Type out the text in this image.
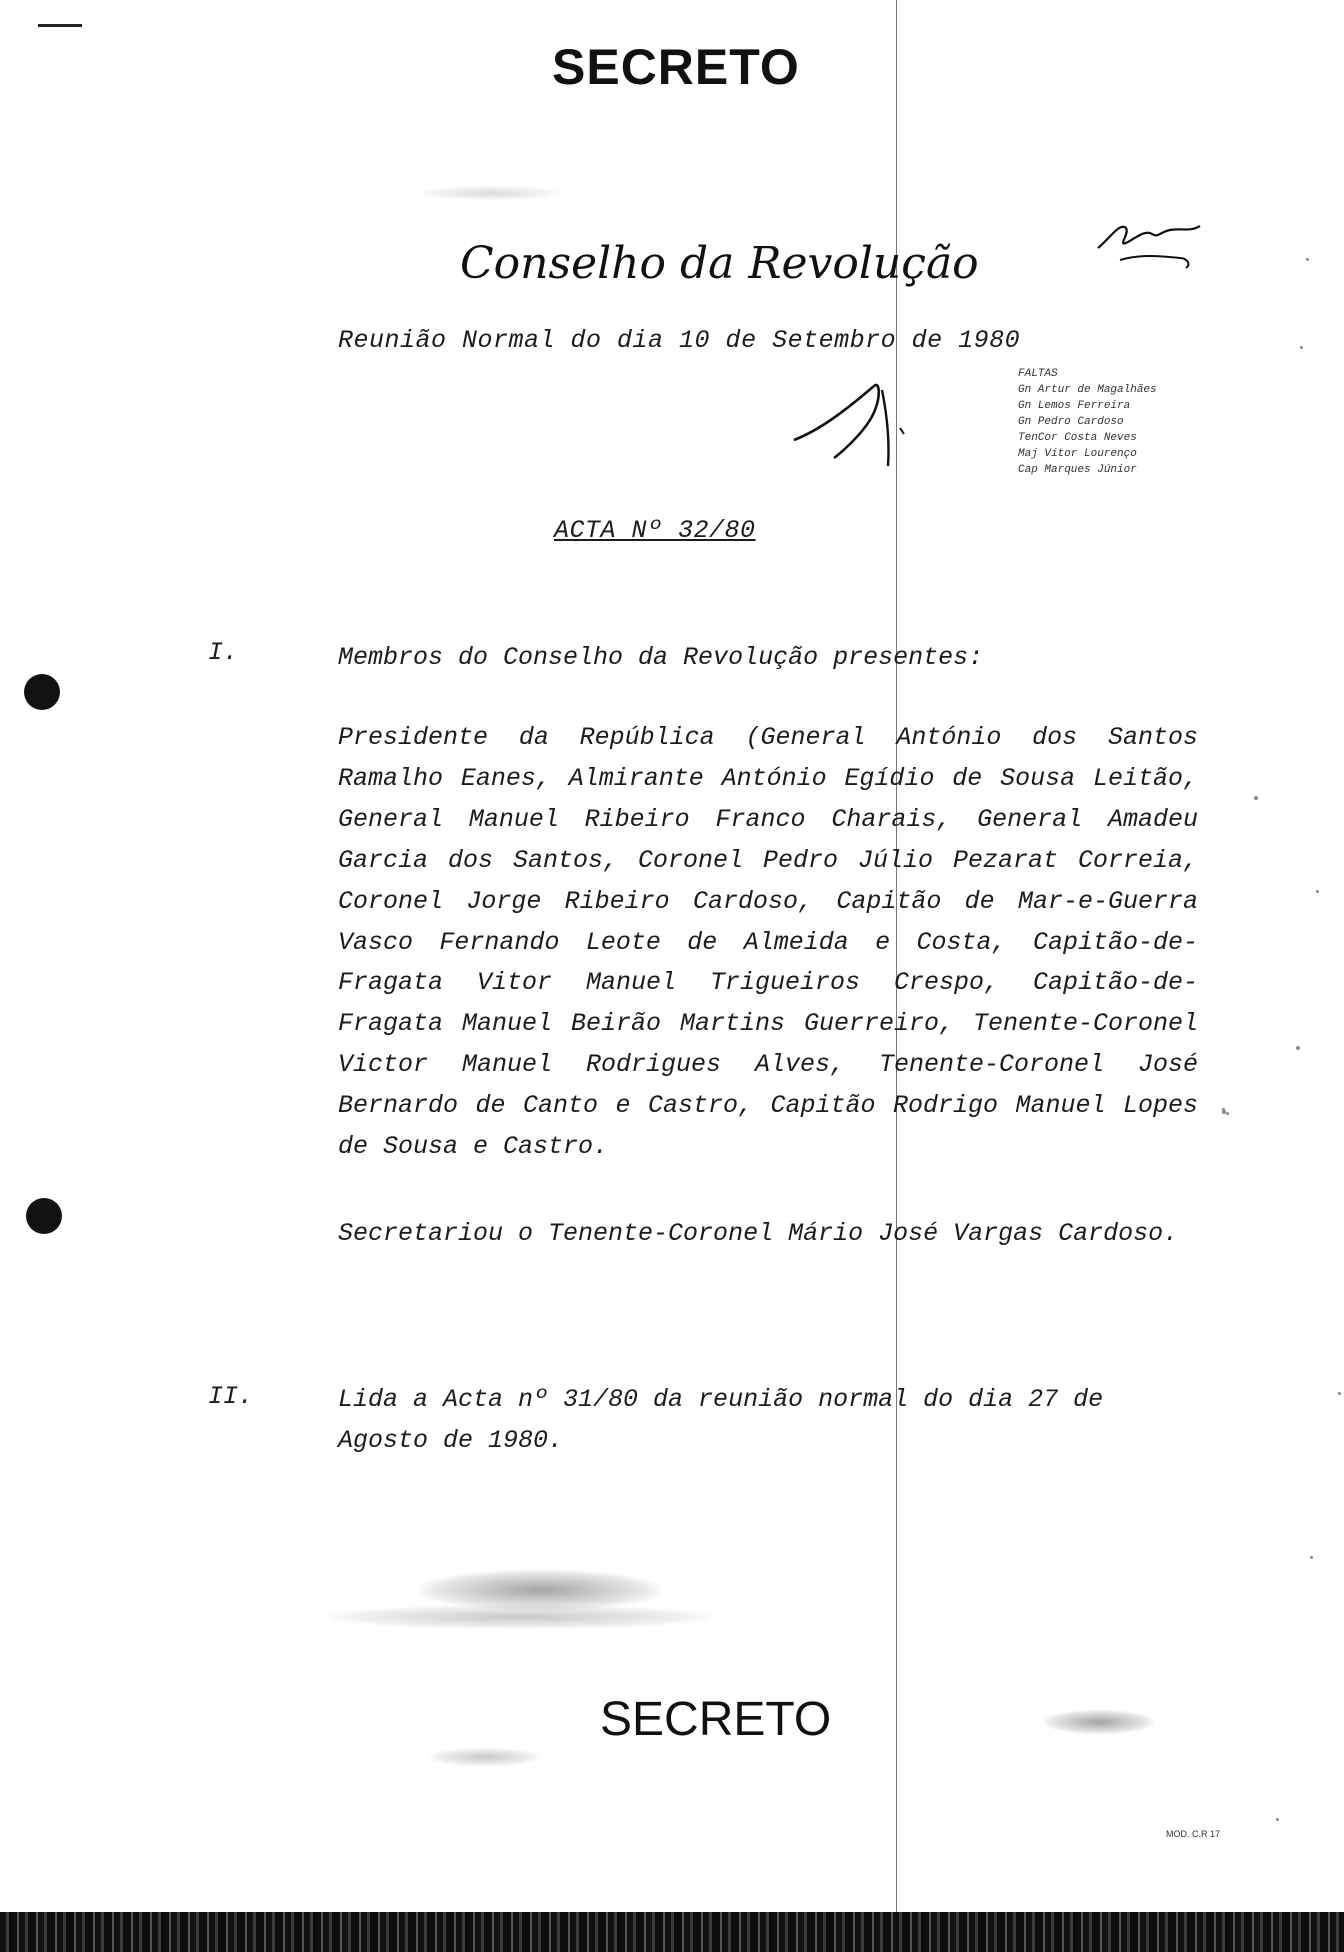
SECRETO
Conselho da Revolução
Reunião Normal do dia 10 de Setembro de 1980
FALTAS
Gn Artur de Magalhães
Gn Lemos Ferreira
Gn Pedro Cardoso
TenCor Costa Neves
Maj Vítor Lourenço
Cap Marques Júnior
ACTA Nº 32/80
I.	Membros do Conselho da Revolução presentes:
Presidente da República (General António dos Santos Ramalho Eanes, Almirante António Egídio de Sousa Leitão, General Manuel Ribeiro Franco Charais, General Amadeu Garcia dos Santos, Coronel Pedro Júlio Pezarat Correia, Coronel Jorge Ribeiro Cardoso, Capitão de Mar-e-Guerra Vasco Fernando Leote de Almeida e Costa, Capitão-de-Fragata Vitor Manuel Trigueiros Crespo, Capitão-de-Fragata Manuel Beirão Martins Guerreiro, Tenente-Coronel Victor Manuel Rodrigues Alves, Tenente-Coronel José Bernardo de Canto e Castro, Capitão Rodrigo Manuel Lopes de Sousa e Castro.
Secretariou o Tenente-Coronel Mário José Vargas Cardoso.
II.	Lida a Acta nº 31/80 da reunião normal do dia 27 de Agosto de 1980.
SECRETO
MOD. C.R 17
